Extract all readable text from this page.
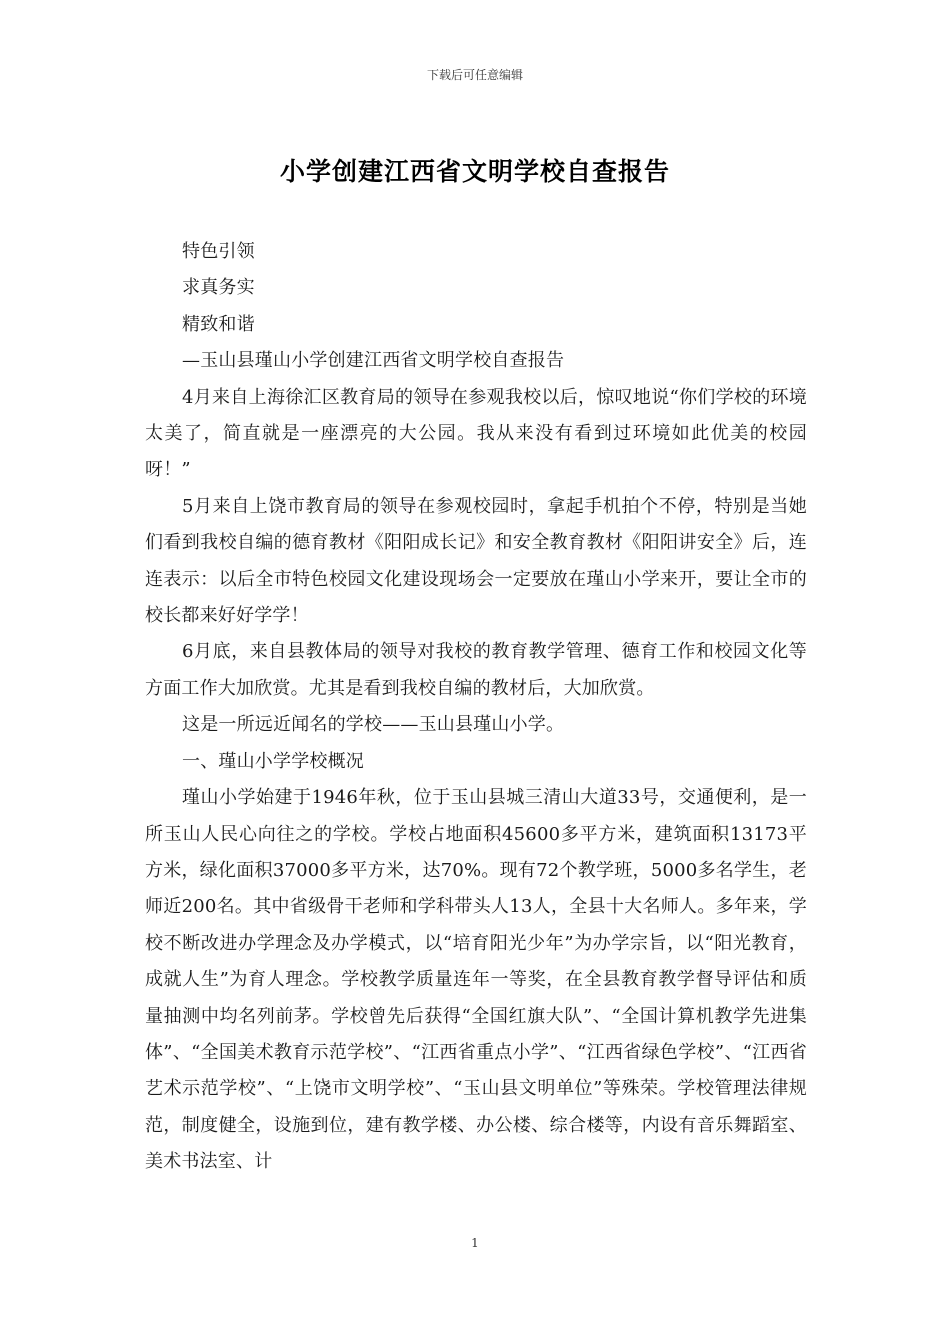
下载后可任意编辑
小学创建江西省文明学校自查报告

特色引领

求真务实

精致和谐

—玉山县瑾山小学创建江西省文明学校自查报告

4月来自上海徐汇区教育局的领导在参观我校以后，惊叹地说“你们学校的环境太美了，简直就是一座漂亮的大公园。我从来没有看到过环境如此优美的校园呀！”

5月来自上饶市教育局的领导在参观校园时，拿起手机拍个不停，特别是当她们看到我校自编的德育教材《阳阳成长记》和安全教育教材《阳阳讲安全》后，连连表示：以后全市特色校园文化建设现场会一定要放在瑾山小学来开，要让全市的校长都来好好学学！

6月底，来自县教体局的领导对我校的教育教学管理、德育工作和校园文化等方面工作大加欣赏。尤其是看到我校自编的教材后，大加欣赏。

这是一所远近闻名的学校——玉山县瑾山小学。

一、瑾山小学学校概况

瑾山小学始建于1946年秋，位于玉山县城三清山大道33号，交通便利，是一所玉山人民心向往之的学校。学校占地面积45600多平方米，建筑面积13173平方米，绿化面积37000多平方米，达70%。现有72个教学班，5000多名学生，老师近200名。其中省级骨干老师和学科带头人13人，全县十大名师人。多年来，学校不断改进办学理念及办学模式，以“培育阳光少年”为办学宗旨，以“阳光教育，成就人生”为育人理念。学校教学质量连年一等奖，在全县教育教学督导评估和质量抽测中均名列前茅。学校曾先后获得“全国红旗大队”、“全国计算机教学先进集体”、“全国美术教育示范学校”、“江西省重点小学”、“江西省绿色学校”、“江西省艺术示范学校”、“上饶市文明学校”、“玉山县文明单位”等殊荣。学校管理法律规范，制度健全，设施到位，建有教学楼、办公楼、综合楼等，内设有音乐舞蹈室、美术书法室、计

1
